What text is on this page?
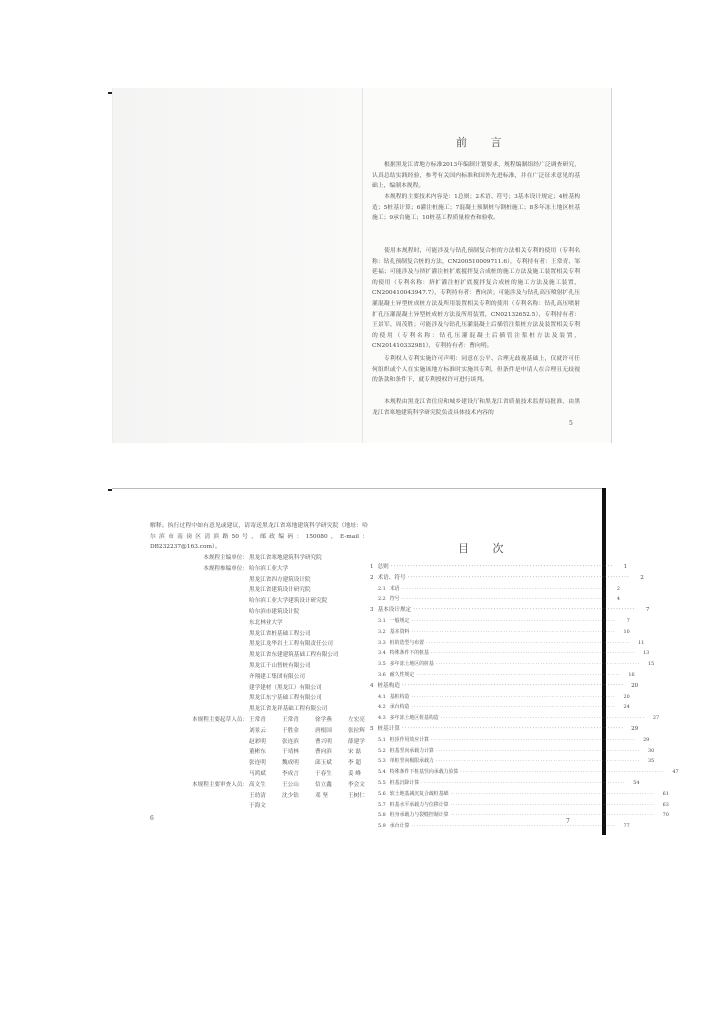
前 言

根据黑龙江省地方标准2013年编制计划要求，规程编制组经广泛调查研究，认真总结实践经验，参考有关国内标准和国外先进标准，并在广泛征求意见的基础上，编制本规程。

本规程的主要技术内容是：1总则；2术语、符号；3基本设计规定；4桩基构造；5桩基计算；6灌注桩施工；7混凝土预制桩与钢桩施工；8多年冻土地区桩基施工；9承台施工；10桩基工程质量检查和验收。

使用本规程时，可能涉及与钻孔预制复合桩的方法相关专利的使用（专利名称：钻孔预制复合桩的方法，CN200510009711.6），专利持有者：王常青、邹延福；可能涉及与挤扩灌注桩扩底搅拌复合成桩的施工方法及施工装置相关专利的使用（专利名称：挤扩灌注桩扩底搅拌复合成桩的施工方法及施工装置，CN200410043947.7），专利持有者：曹向滨；可能涉及与钻孔高压喷射扩孔压灌混凝土异型桩成桩方法及所用装置相关专利的使用（专利名称：钻孔高压喷射扩孔压灌混凝土异型桩成桩方法及所用装置，CN02132652.5），专利持有者：王景军、周茂胜；可能涉及与钻孔压灌混凝土后插管注浆桩方法及装置相关专利的使用（专利名称：钻孔压灌混凝土后插管注浆桩方法及装置，CN201410332981），专利持有者：曹向明。

专利权人专利实施许可声明：同意在公平、合理无歧视基础上，仅就许可任何组织或个人在实施该地方标准时实施其专利，但条件是申请人在合理且无歧视的条款和条件下，就专利授权许可进行谈判。

本规程由黑龙江省住房和城乡建设厅和黑龙江省质量技术监督局批准，由黑龙江省寒地建筑科学研究院负责具体技术内容的

5

解释。执行过程中如有意见或建议，请寄送黑龙江省寒地建筑科学研究院（地址：哈尔滨市南岗区清滨路50号，邮政编码：150080，E-mail：DB232237@163.com）。

本规程主编单位： 黑龙江省寒地建筑科学研究院
本规程参编单位： 哈尔滨工业大学
黑龙江省四方建筑设计院
黑龙江省建筑设计研究院
哈尔滨工业大学建筑设计研究院
哈尔滨市建筑设计院
东北林业大学
黑龙江省桩基础工程公司
黑龙江龙华岩土工程有限责任公司
黑龙江省东建建筑基础工程有限公司
黑龙江千山智桩有限公司
齐翔建工集团有限公司
建学建材（黑龙江）有限公司
黑龙江东宁基础工程有限公司
黑龙江省龙祥基础工程有限公司
本规程主要起草人员： 王常青	王常青	徐学燕	左宏亮
刘景云	于胜金	唐根国	张拉辉
赵彩明	张连滨	曹兴明	薛建学
董彬东	于靖林	曹向滨	宋 磊
张连明	魏成明	邱玉斌	李 超
马鸿斌	李成言	于春生	姜 峰
本规程主要审查人员： 高文生	王公山	信立鑫	李会文
王幼清	沈少钻	邓 坚	王树仁
于海文
6
目 次
1 总则 ················································································	1
2 术语、符号 ················································································	2
2.1 术语 ················································································	2
2.2 符号 ················································································	4
3 基本设计规定 ················································································	7
3.1 一般规定 ················································································	7
3.2 基本资料 ················································································	10
3.3 桩的选型与布置 ················································································	11
3.4 特殊条件下的桩基 ················································································	13
3.5 多年冻土地区的桩基 ················································································	15
3.6 耐久性规定 ················································································	16
4 桩基构造 ················································································	20
4.1 基桩构造 ················································································	20
4.2 承台构造 ················································································	24
4.3 多年冻土地区桩基构造 ················································································	27
5 桩基计算 ················································································	29
5.1 桩顶作用效应计算 ················································································	29
5.2 桩基竖向承载力计算 ················································································	30
5.3 单桩竖向极限承载力 ················································································	35
5.4 特殊条件下桩基竖向承载力验算 ················································································	47
5.5 桩基沉降计算 ················································································	54
5.6 软土地基减沉复合疏桩基础 ················································································	61
5.7 桩基水平承载力与位移计算 ················································································	63
5.8 桩身承载力与裂缝控制计算 ················································································	70
5.9 承台计算 ················································································	77
7
